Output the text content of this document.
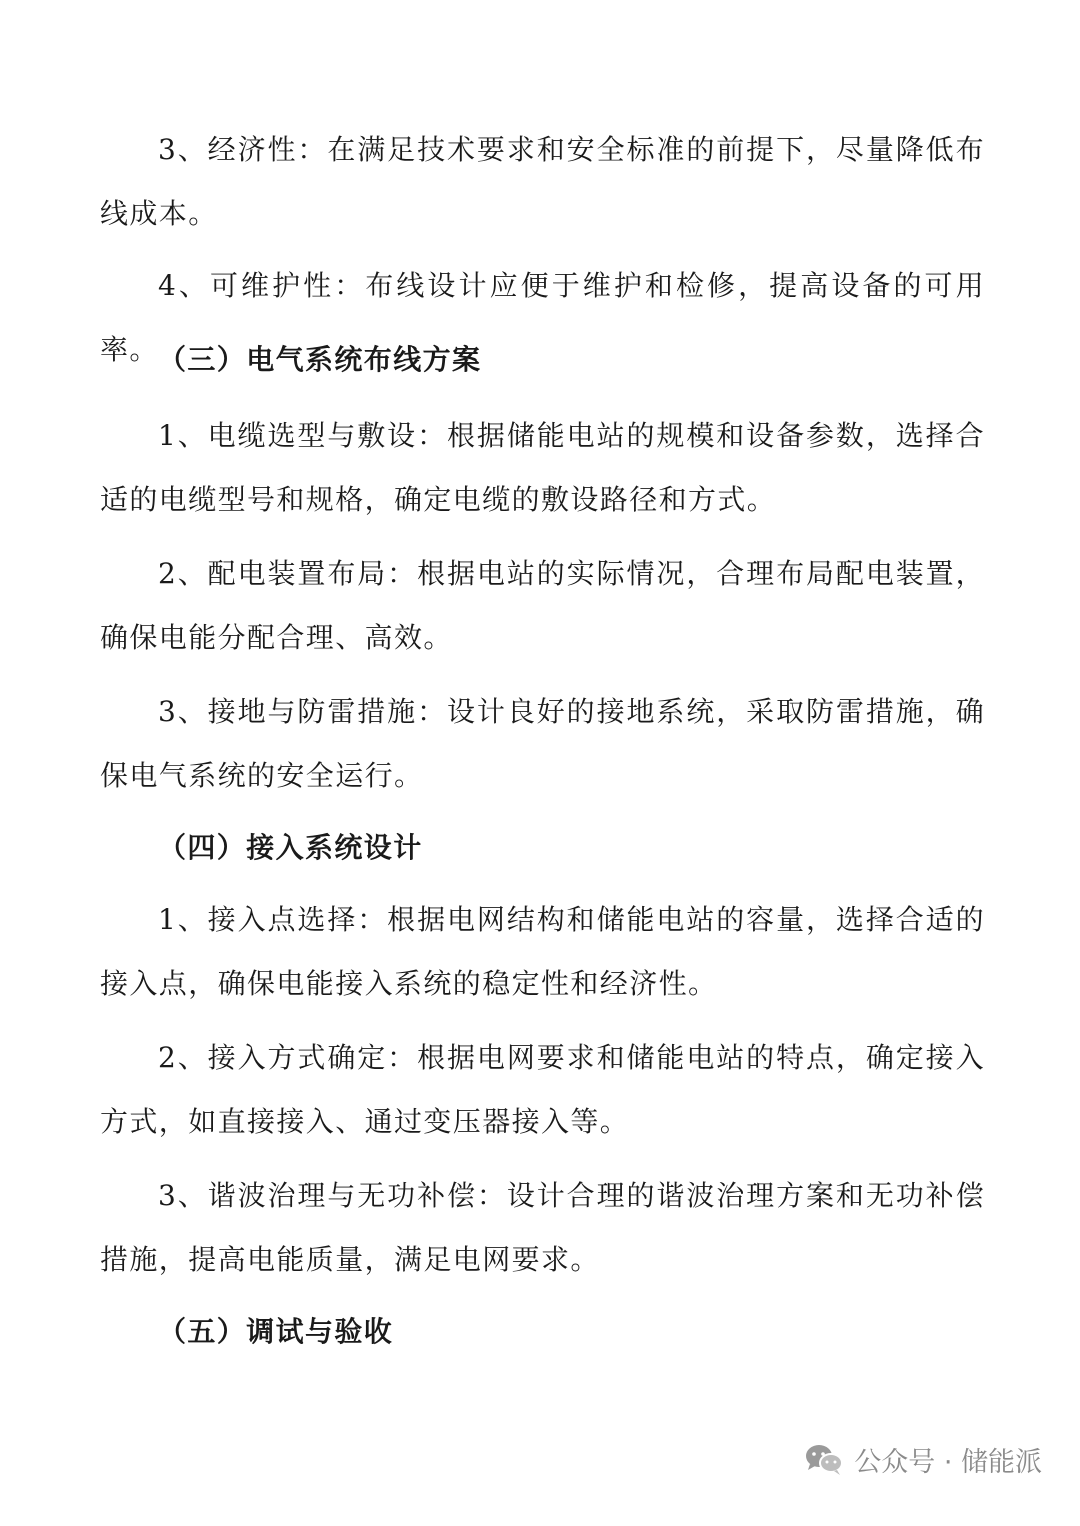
3、经济性：在满足技术要求和安全标准的前提下，尽量降低布线成本。

4、可维护性：布线设计应便于维护和检修，提高设备的可用率。 （三）电气系统布线方案

1、电缆选型与敷设：根据储能电站的规模和设备参数，选择合适的电缆型号和规格，确定电缆的敷设路径和方式。

2、配电装置布局：根据电站的实际情况，合理布局配电装置，确保电能分配合理、高效。

3、接地与防雷措施：设计良好的接地系统，采取防雷措施，确保电气系统的安全运行。

（四）接入系统设计

1、接入点选择：根据电网结构和储能电站的容量，选择合适的接入点，确保电能接入系统的稳定性和经济性。

2、接入方式确定：根据电网要求和储能电站的特点，确定接入方式，如直接接入、通过变压器接入等。

3、谐波治理与无功补偿：设计合理的谐波治理方案和无功补偿措施，提高电能质量，满足电网要求。

（五）调试与验收
公众号 · 储能派
